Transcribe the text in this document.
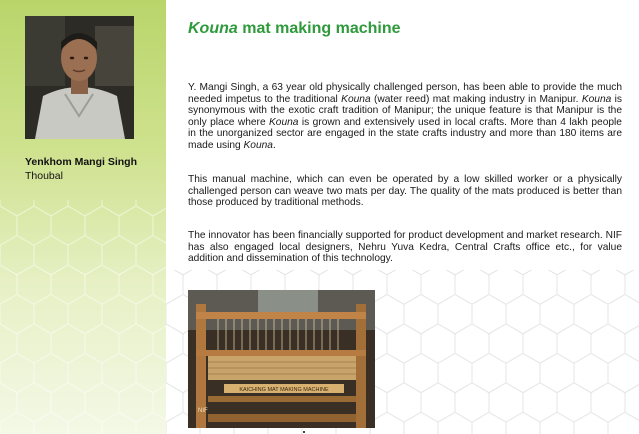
Yenkhom Mangi Singh
Thoubal
Kouna mat making machine

Y. Mangi Singh, a 63 year old physically challenged person, has been able to provide the much needed impetus to the traditional Kouna (water reed) mat making industry in Manipur. Kouna is synonymous with the exotic craft tradition of Manipur; the unique feature is that Manipur is the only place where Kouna is grown and extensively used in local crafts. More than 4 lakh people in the unorganized sector are engaged in the state crafts industry and more than 180 items are made using Kouna.

This manual machine, which can even be operated by a low skilled worker or a physically challenged person can weave two mats per day. The quality of the mats produced is better than those produced by traditional methods.

The innovator has been financially supported for product development and market research. NIF has also engaged local designers, Nehru Yuva Kedra, Central Crafts office etc., for value addition and dissemination of this technology.

KAICHING MAT MAKING MACHINE
NIF
